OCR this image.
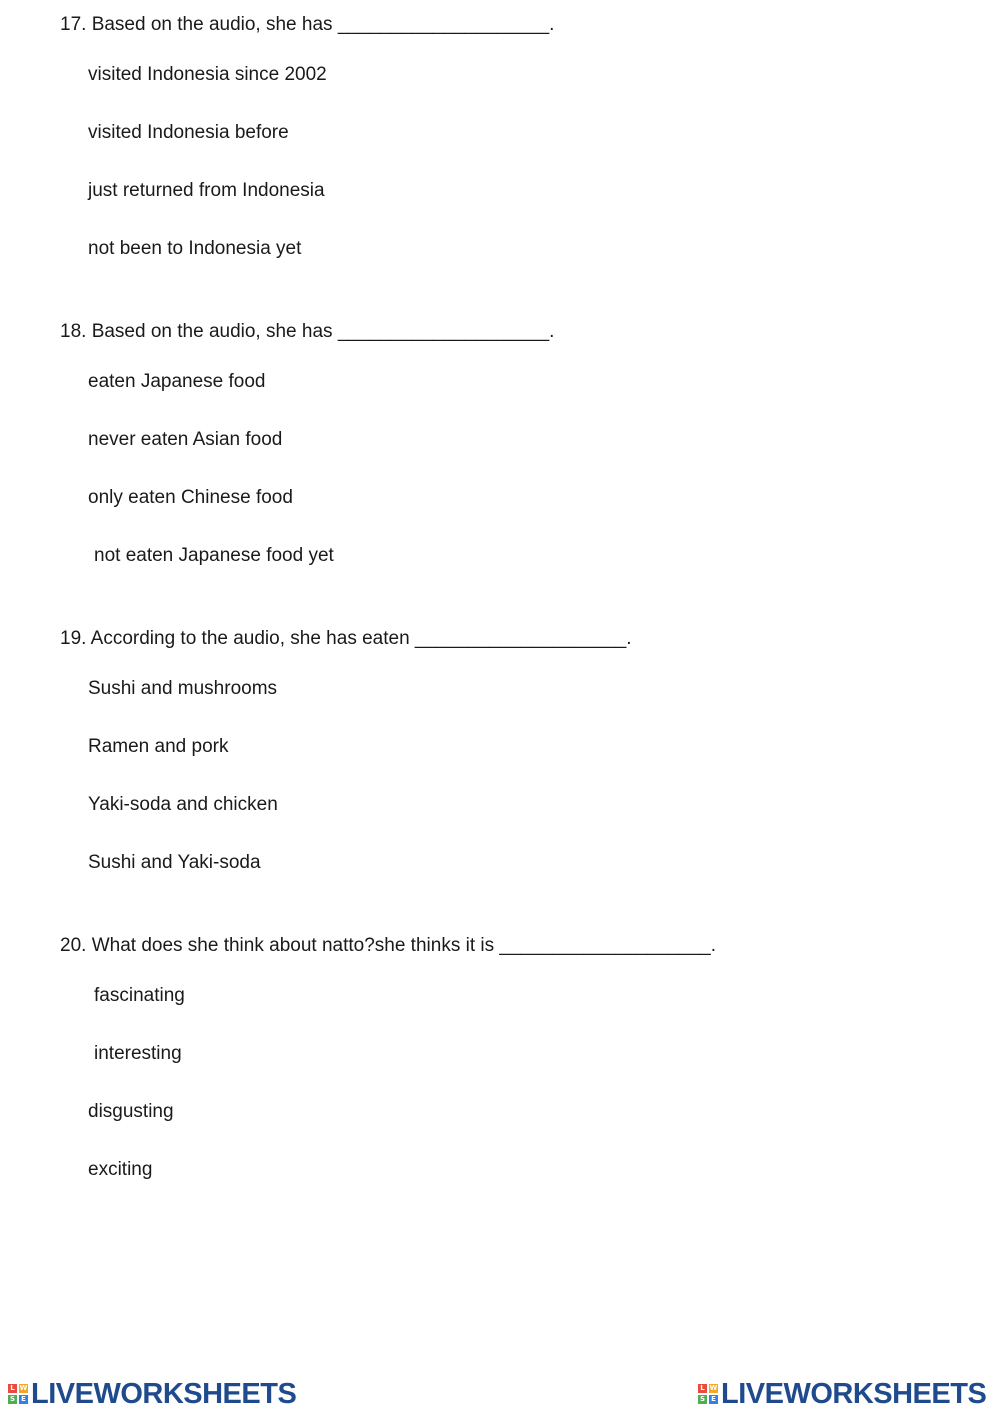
17. Based on the audio, she has ____________________.
visited Indonesia since 2002
visited Indonesia before
just returned from Indonesia
not been to Indonesia yet
18. Based on the audio, she has ____________________.
eaten Japanese food
never eaten Asian food
only eaten Chinese food
not eaten Japanese food yet
19. According to the audio, she has eaten ____________________.
Sushi and mushrooms
Ramen and pork
Yaki-soda and chicken
Sushi and Yaki-soda
20. What does she think about natto?she thinks it is ____________________.
fascinating
interesting
disgusting
exciting
L W
S E LIVEWORKSHEETS	L W
S E LIVEWORKSHEETS
